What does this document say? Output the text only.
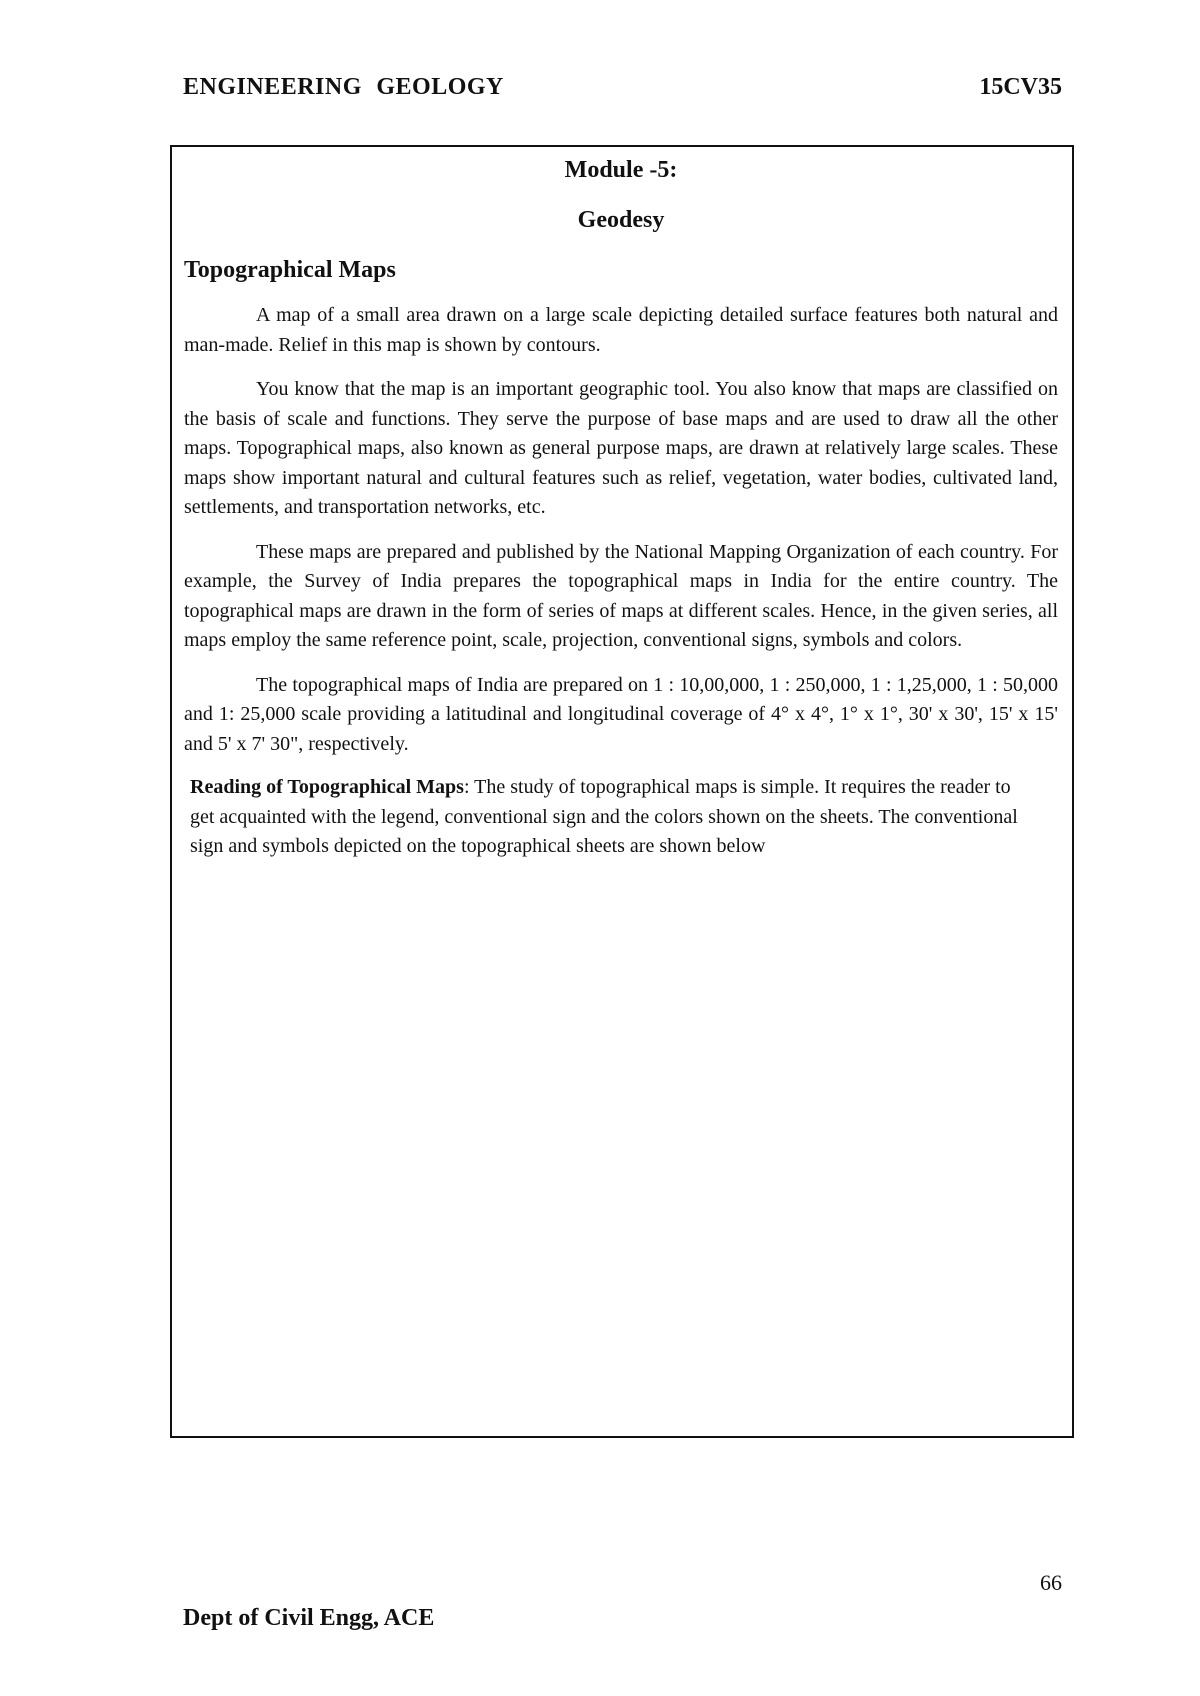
ENGINEERING GEOLOGY	15CV35
Module -5:
Geodesy
Topographical Maps

A map of a small area drawn on a large scale depicting detailed surface features both natural and man-made. Relief in this map is shown by contours.

You know that the map is an important geographic tool. You also know that maps are classified on the basis of scale and functions. They serve the purpose of base maps and are used to draw all the other maps. Topographical maps, also known as general purpose maps, are drawn at relatively large scales. These maps show important natural and cultural features such as relief, vegetation, water bodies, cultivated land, settlements, and transportation networks, etc.

These maps are prepared and published by the National Mapping Organization of each country. For example, the Survey of India prepares the topographical maps in India for the entire country. The topographical maps are drawn in the form of series of maps at different scales. Hence, in the given series, all maps employ the same reference point, scale, projection, conventional signs, symbols and colors.

The topographical maps of India are prepared on 1 : 10,00,000, 1 : 250,000, 1 : 1,25,000, 1 : 50,000 and 1: 25,000 scale providing a latitudinal and longitudinal coverage of 4° x 4°, 1° x 1°, 30' x 30', 15' x 15' and 5' x 7' 30", respectively.

Reading of Topographical Maps: The study of topographical maps is simple. It requires the reader to get acquainted with the legend, conventional sign and the colors shown on the sheets. The conventional sign and symbols depicted on the topographical sheets are shown below

66
Dept of Civil Engg, ACE
